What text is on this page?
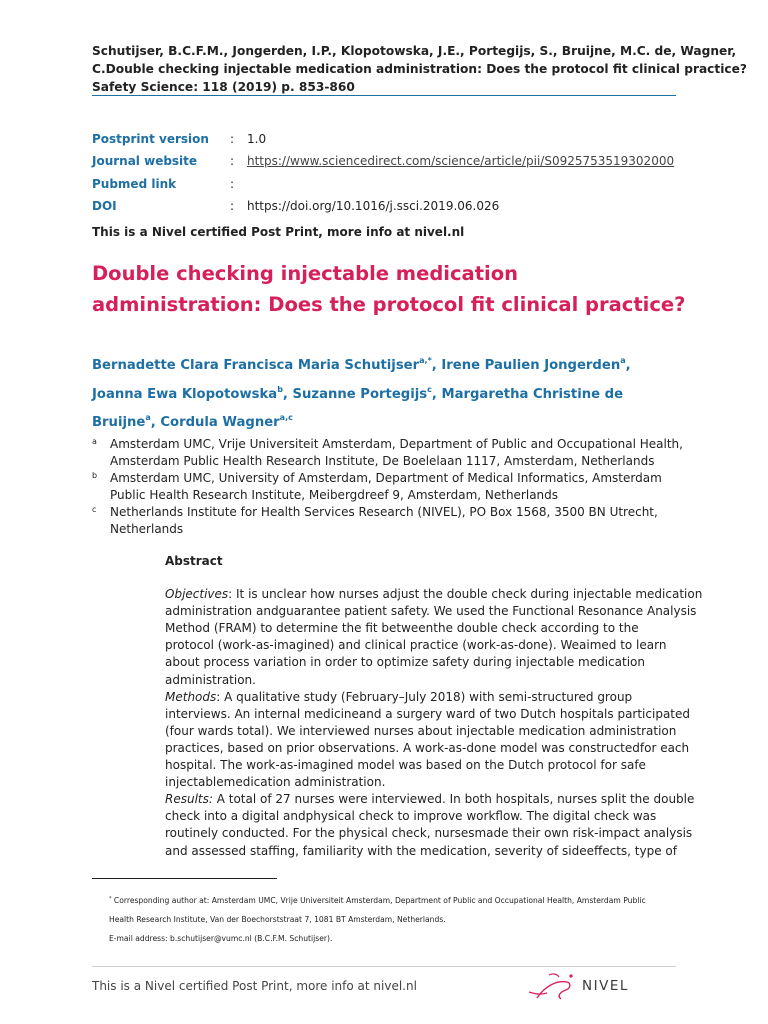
Schutijser, B.C.F.M., Jongerden, I.P., Klopotowska, J.E., Portegijs, S., Bruijne, M.C. de, Wagner,
C.Double checking injectable medication administration: Does the protocol fit clinical practice?
Safety Science: 118 (2019) p. 853-860
Postprint version : 1.0
Journal website	: https://www.sciencedirect.com/science/article/pii/S0925753519302000
Pubmed link	:
DOI	: https://doi.org/10.1016/j.ssci.2019.06.026
This is a Nivel certified Post Print, more info at nivel.nl
Double checking injectable medication
administration: Does the protocol fit clinical practice?
Bernadette Clara Francisca Maria Schutijser$^{a,*}$, Irene Paulien Jongerden$^a$,
Joanna Ewa Klopotowska$^b$, Suzanne Portegijs$^c$, Margaretha Christine de
Bruijne$^a$, Cordula Wagner$^{a,c}$
a Amsterdam UMC, Vrije Universiteit Amsterdam, Department of Public and Occupational Health,
Amsterdam Public Health Research Institute, De Boelelaan 1117, Amsterdam, Netherlands
b Amsterdam UMC, University of Amsterdam, Department of Medical Informatics, Amsterdam
Public Health Research Institute, Meibergdreef 9, Amsterdam, Netherlands
c Netherlands Institute for Health Services Research (NIVEL), PO Box 1568, 3500 BN Utrecht,
Netherlands
Abstract
Objectives: It is unclear how nurses adjust the double check during injectable medication
administration andguarantee patient safety. We used the Functional Resonance Analysis
Method (FRAM) to determine the fit betweenthe double check according to the
protocol (work-as-imagined) and clinical practice (work-as-done). Weaimed to learn
about process variation in order to optimize safety during injectable medication
administration.
Methods: A qualitative study (February–July 2018) with semi-structured group
interviews. An internal medicineand a surgery ward of two Dutch hospitals participated
(four wards total). We interviewed nurses about injectable medication administration
practices, based on prior observations. A work-as-done model was constructedfor each
hospital. The work-as-imagined model was based on the Dutch protocol for safe
injectablemedication administration.
Results: A total of 27 nurses were interviewed. In both hospitals, nurses split the double
check into a digital andphysical check to improve workflow. The digital check was
routinely conducted. For the physical check, nursesmade their own risk-impact analysis
and assessed staffing, familiarity with the medication, severity of sideeffects, type of
* Corresponding author at: Amsterdam UMC, Vrije Universiteit Amsterdam, Department of Public and Occupational Health, Amsterdam Public
Health Research Institute, Van der Boechorststraat 7, 1081 BT Amsterdam, Netherlands.
E-mail address: b.schutijser@vumc.nl (B.C.F.M. Schutijser).
This is a Nivel certified Post Print, more info at nivel.nl	NIVEL
